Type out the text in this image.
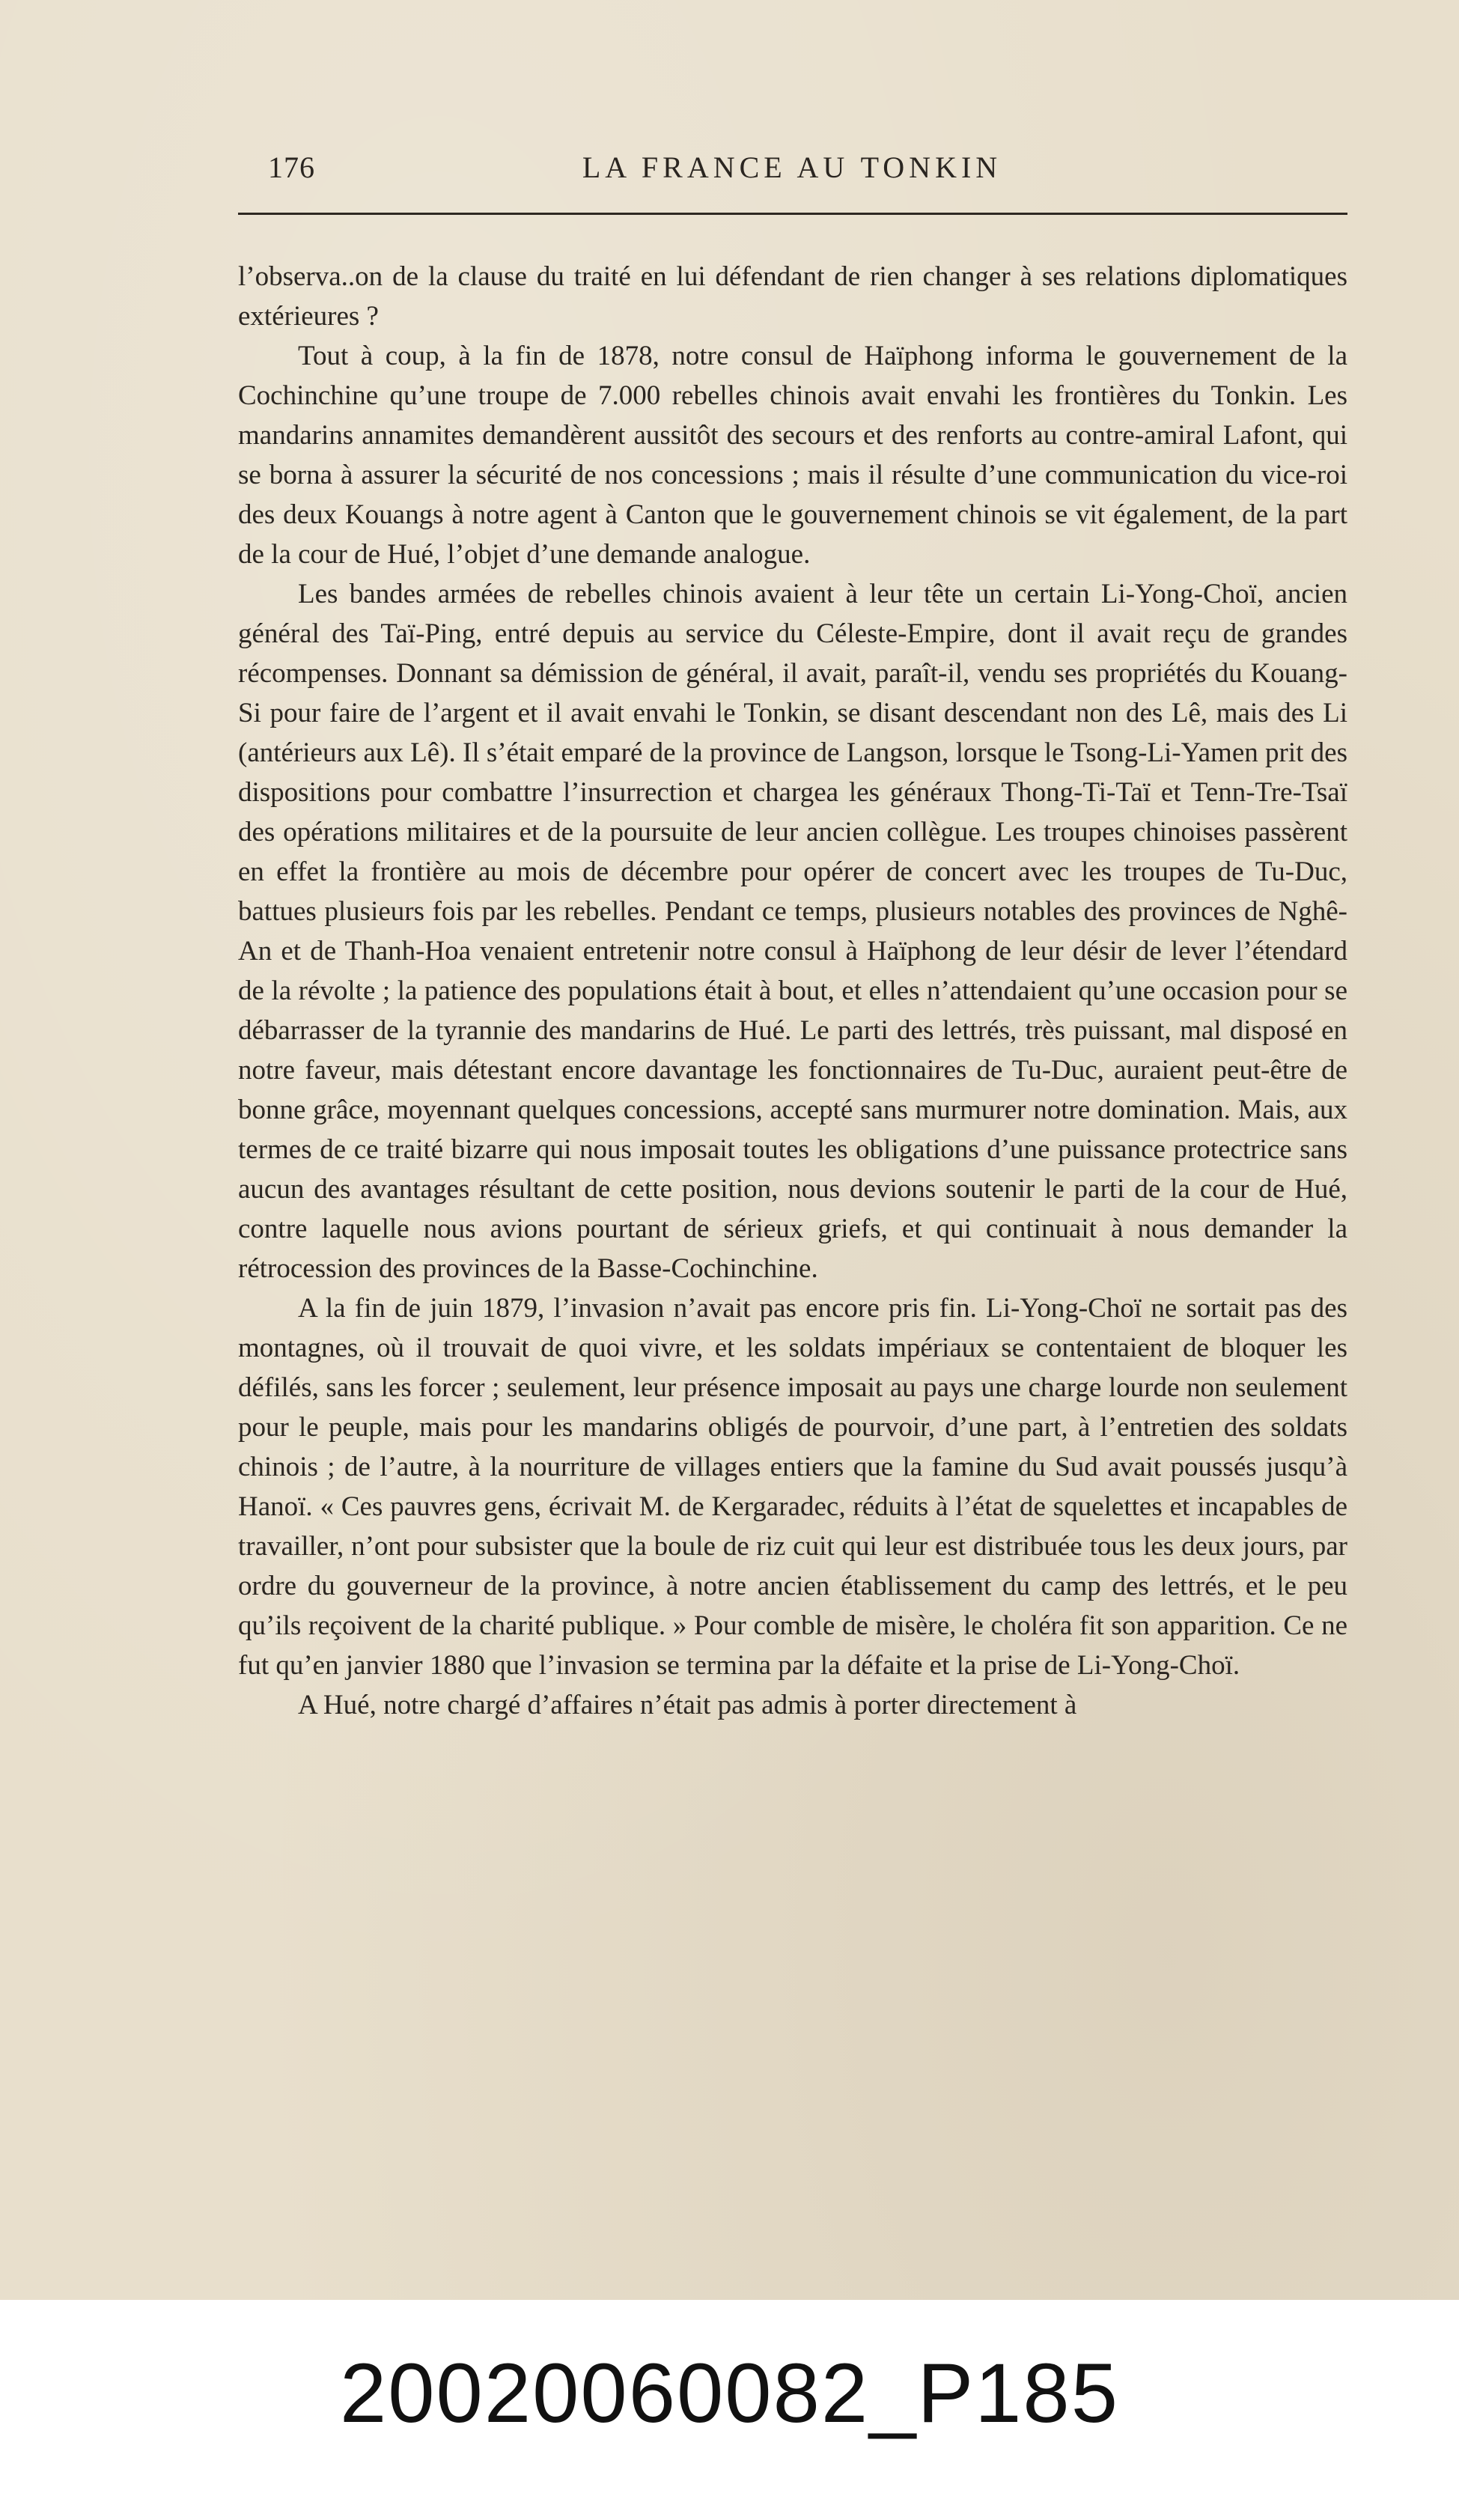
176	LA FRANCE AU TONKIN

l’observa..on de la clause du traité en lui défendant de rien changer à ses relations diplomatiques extérieures ?

Tout à coup, à la fin de 1878, notre consul de Haïphong informa le gouvernement de la Cochinchine qu’une troupe de 7.000 rebelles chinois avait envahi les frontières du Tonkin. Les mandarins annamites demandèrent aussitôt des secours et des renforts au contre-amiral Lafont, qui se borna à assurer la sécurité de nos concessions ; mais il résulte d’une communication du vice-roi des deux Kouangs à notre agent à Canton que le gouvernement chinois se vit également, de la part de la cour de Hué, l’objet d’une demande analogue.

Les bandes armées de rebelles chinois avaient à leur tête un certain Li-Yong-Choï, ancien général des Taï-Ping, entré depuis au service du Céleste-Empire, dont il avait reçu de grandes récompenses. Donnant sa démission de général, il avait, paraît-il, vendu ses propriétés du Kouang-Si pour faire de l’argent et il avait envahi le Tonkin, se disant descendant non des Lê, mais des Li (antérieurs aux Lê). Il s’était emparé de la province de Langson, lorsque le Tsong-Li-Yamen prit des dispositions pour combattre l’insurrection et chargea les généraux Thong-Ti-Taï et Tenn-Tre-Tsaï des opérations militaires et de la poursuite de leur ancien collègue. Les troupes chinoises passèrent en effet la frontière au mois de décembre pour opérer de concert avec les troupes de Tu-Duc, battues plusieurs fois par les rebelles. Pendant ce temps, plusieurs notables des provinces de Nghê-An et de Thanh-Hoa venaient entretenir notre consul à Haïphong de leur désir de lever l’étendard de la révolte ; la patience des populations était à bout, et elles n’attendaient qu’une occasion pour se débarrasser de la tyrannie des mandarins de Hué. Le parti des lettrés, très puissant, mal disposé en notre faveur, mais détestant encore davantage les fonctionnaires de Tu-Duc, auraient peut-être de bonne grâce, moyennant quelques concessions, accepté sans murmurer notre domination. Mais, aux termes de ce traité bizarre qui nous imposait toutes les obligations d’une puissance protectrice sans aucun des avantages résultant de cette position, nous devions soutenir le parti de la cour de Hué, contre laquelle nous avions pourtant de sérieux griefs, et qui continuait à nous demander la rétrocession des provinces de la Basse-Cochinchine.

A la fin de juin 1879, l’invasion n’avait pas encore pris fin. Li-Yong-Choï ne sortait pas des montagnes, où il trouvait de quoi vivre, et les soldats impériaux se contentaient de bloquer les défilés, sans les forcer ; seulement, leur présence imposait au pays une charge lourde non seulement pour le peuple, mais pour les mandarins obligés de pourvoir, d’une part, à l’entretien des soldats chinois ; de l’autre, à la nourriture de villages entiers que la famine du Sud avait poussés jusqu’à Hanoï. « Ces pauvres gens, écrivait M. de Kergaradec, réduits à l’état de squelettes et incapables de travailler, n’ont pour subsister que la boule de riz cuit qui leur est distribuée tous les deux jours, par ordre du gouverneur de la province, à notre ancien établissement du camp des lettrés, et le peu qu’ils reçoivent de la charité publique. » Pour comble de misère, le choléra fit son apparition. Ce ne fut qu’en janvier 1880 que l’invasion se termina par la défaite et la prise de Li-Yong-Choï.

A Hué, notre chargé d’affaires n’était pas admis à porter directement à

20020060082_P185
